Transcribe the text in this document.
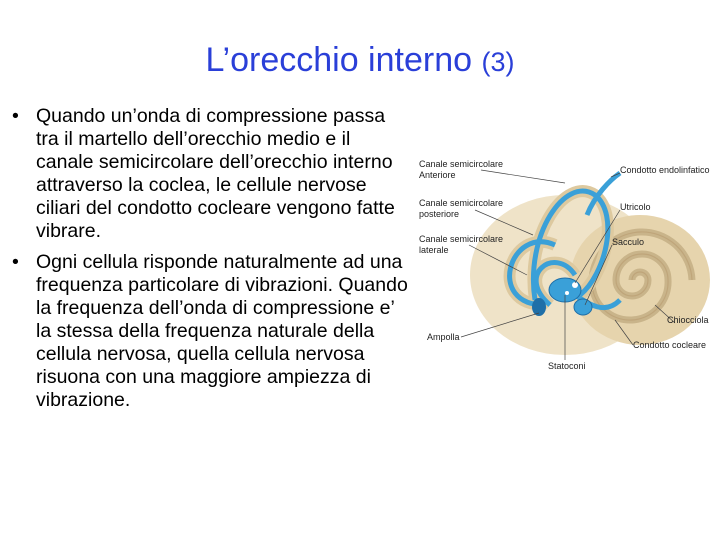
L’orecchio interno (3)
• Quando un’onda di compressione passa tra il martello dell’orecchio medio e il canale semicircolare dell’orecchio interno attraverso la coclea, le cellule nervose ciliari del condotto cocleare vengono fatte vibrare.
• Ogni cellula risponde naturalmente ad una frequenza particolare di vibrazioni. Quando la frequenza dell’onda di compressione e’ la stessa della frequenza naturale della cellula nervosa, quella cellula nervosa risuona con una maggiore ampiezza di vibrazione.
Canale semicircolare
Anteriore
Canale semicircolare
posteriore
Canale semicircolare
laterale
Ampolla
Condotto endolinfatico
Utricolo
Sacculo
Chiocciola
Condotto cocleare
Statoconi
